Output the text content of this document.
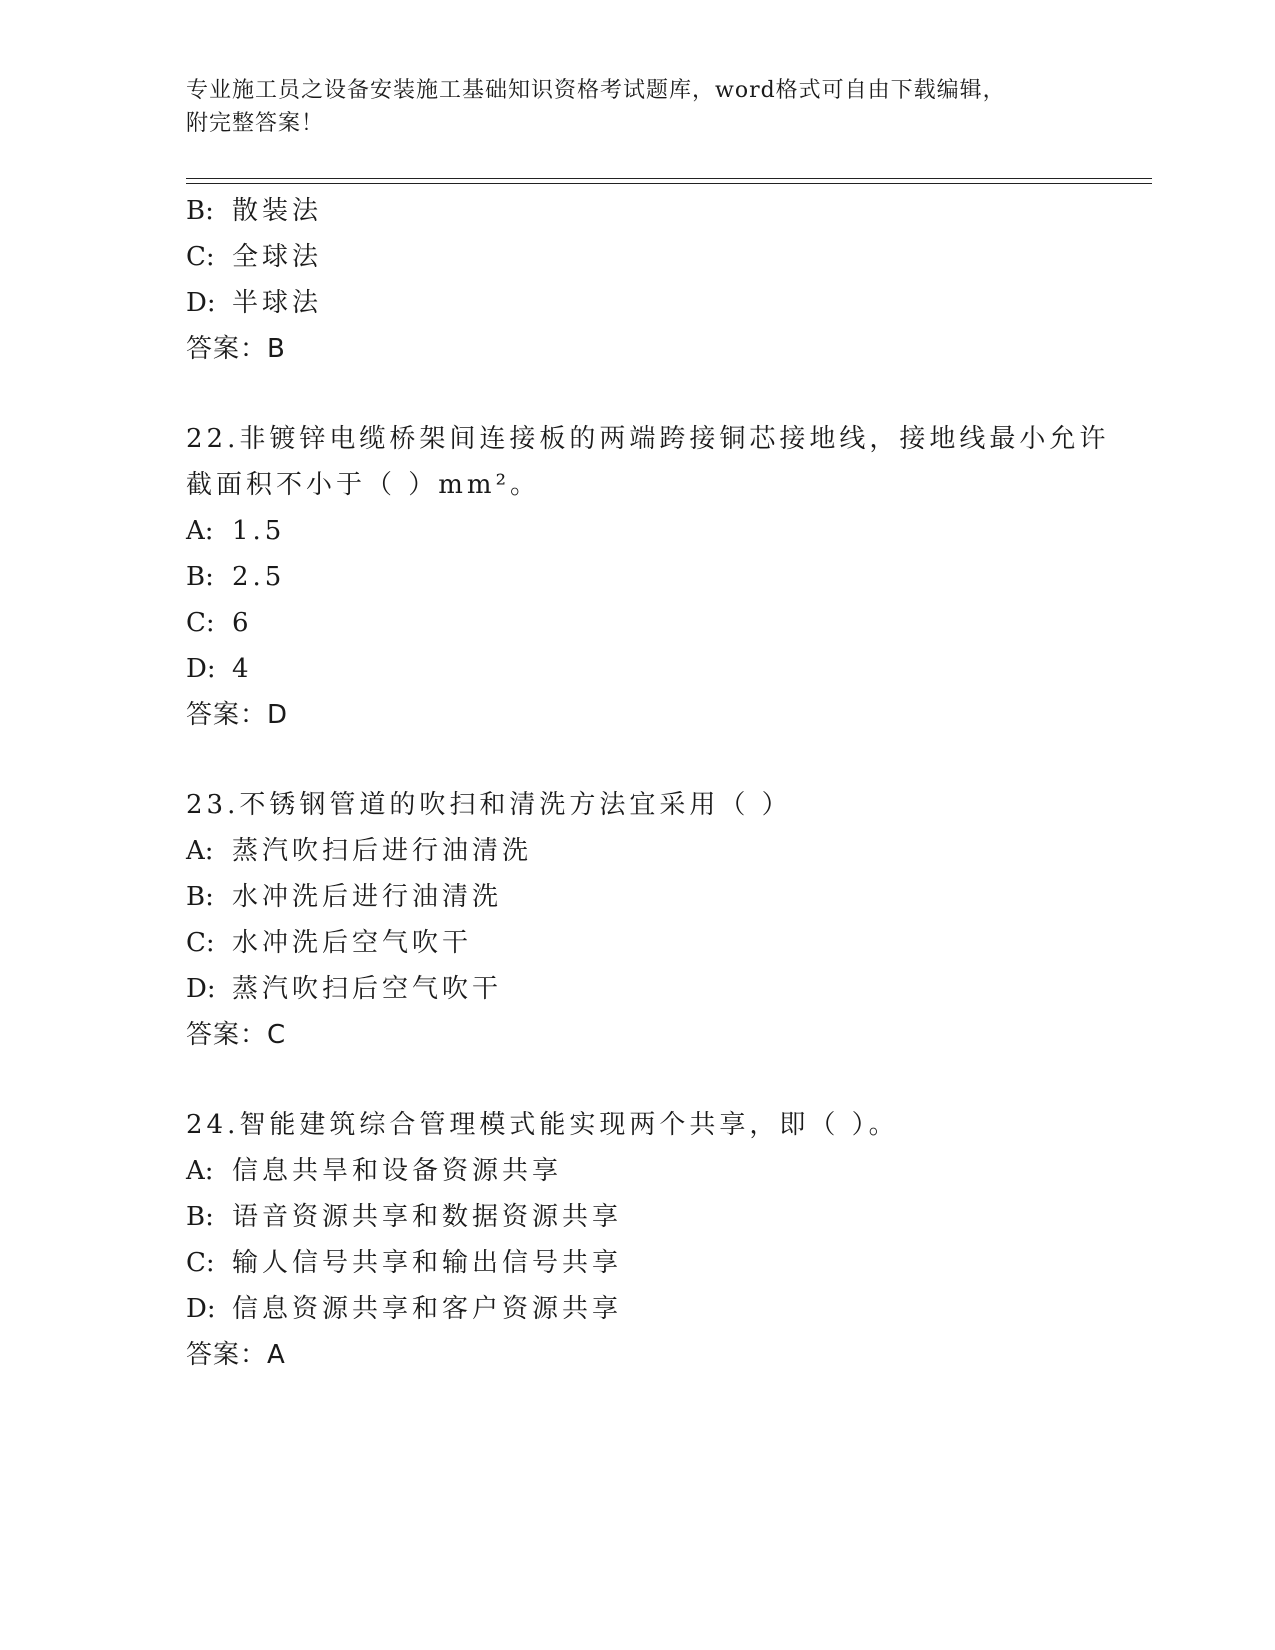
专业施工员之设备安装施工基础知识资格考试题库，word格式可自由下载编辑，
附完整答案！
B: 散装法
C: 全球法
D: 半球法
答案：B
22.非镀锌电缆桥架间连接板的两端跨接铜芯接地线，接地线最小允许
截面积不小于（ ）mm²。
A: 1.5
B: 2.5
C: 6
D: 4
答案：D
23.不锈钢管道的吹扫和清洗方法宜采用（ ）
A: 蒸汽吹扫后进行油清洗
B: 水冲洗后进行油清洗
C: 水冲洗后空气吹干
D: 蒸汽吹扫后空气吹干
答案：C
24.智能建筑综合管理模式能实现两个共享，即（ ）。
A: 信息共旱和设备资源共享
B: 语音资源共享和数据资源共享
C: 输人信号共享和输出信号共享
D: 信息资源共享和客户资源共享
答案：A
